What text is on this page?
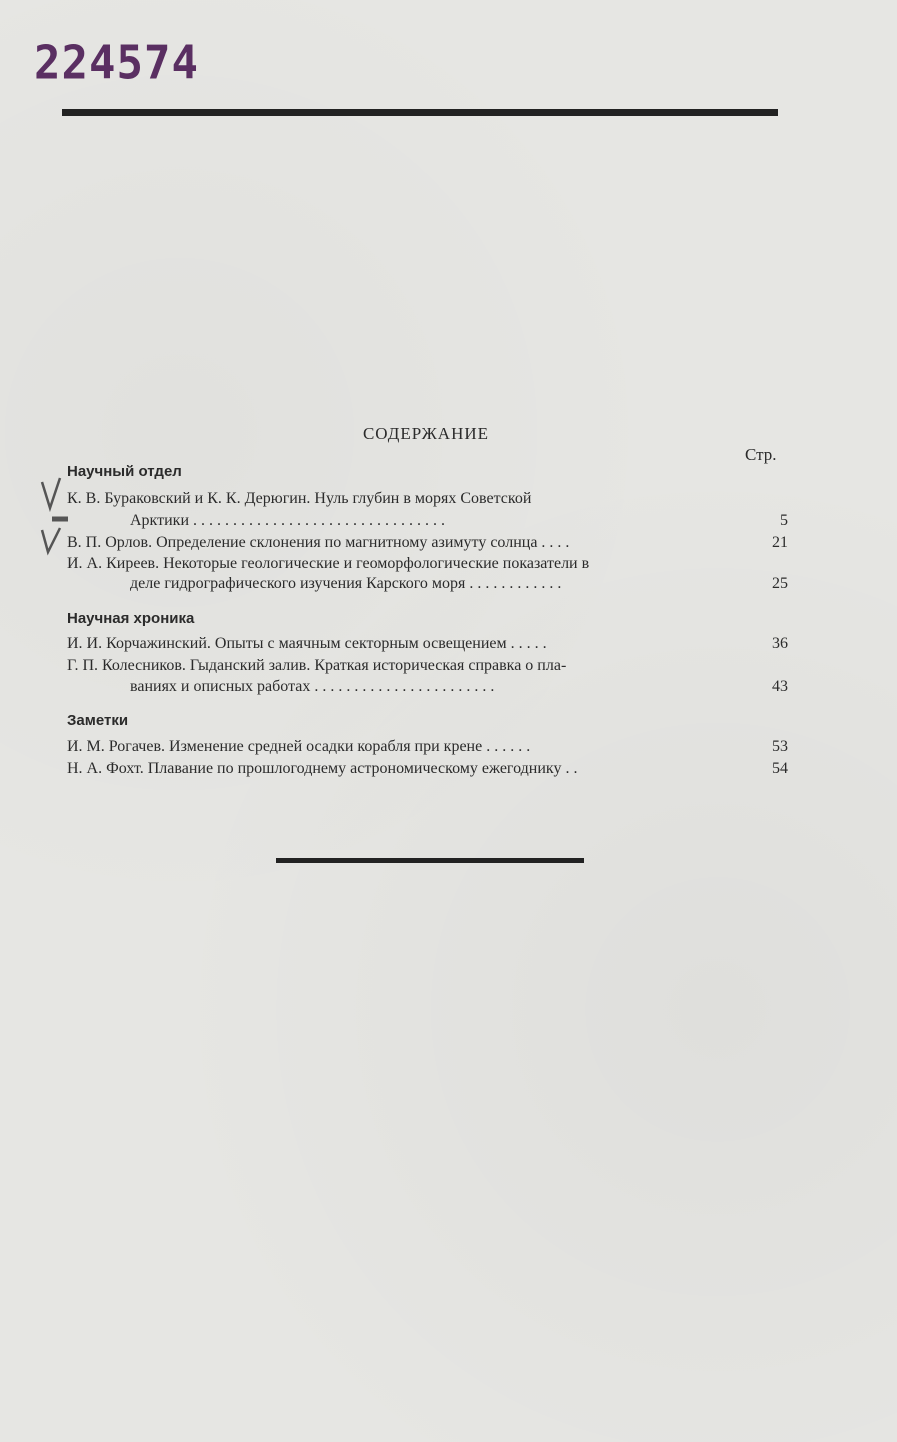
224574
СОДЕРЖАНИЕ
Стр.
Научный отдел
К. В. Бураковский и К. К. Дерюгин. Нуль глубин в морях Советской
Арктики . . . . . . . . . . . . . . . . . . . . . . . . . . . . . . . .	5
В. П. Орлов. Определение склонения по магнитному азимуту солнца . . . .	21
И. А. Киреев. Некоторые геологические и геоморфологические показатели в
деле гидрографического изучения Карского моря . . . . . . . . . . . .	25
Научная хроника
И. И. Корчажинский. Опыты с маячным секторным освещением . . . . .	36
Г. П. Колесников. Гыданский залив. Краткая историческая справка о пла-
ваниях и описных работах . . . . . . . . . . . . . . . . . . . . . . .	43
Заметки
И. М. Рогачев. Изменение средней осадки корабля при крене . . . . . .	53
Н. А. Фохт. Плавание по прошлогоднему астрономическому ежегоднику . .	54
